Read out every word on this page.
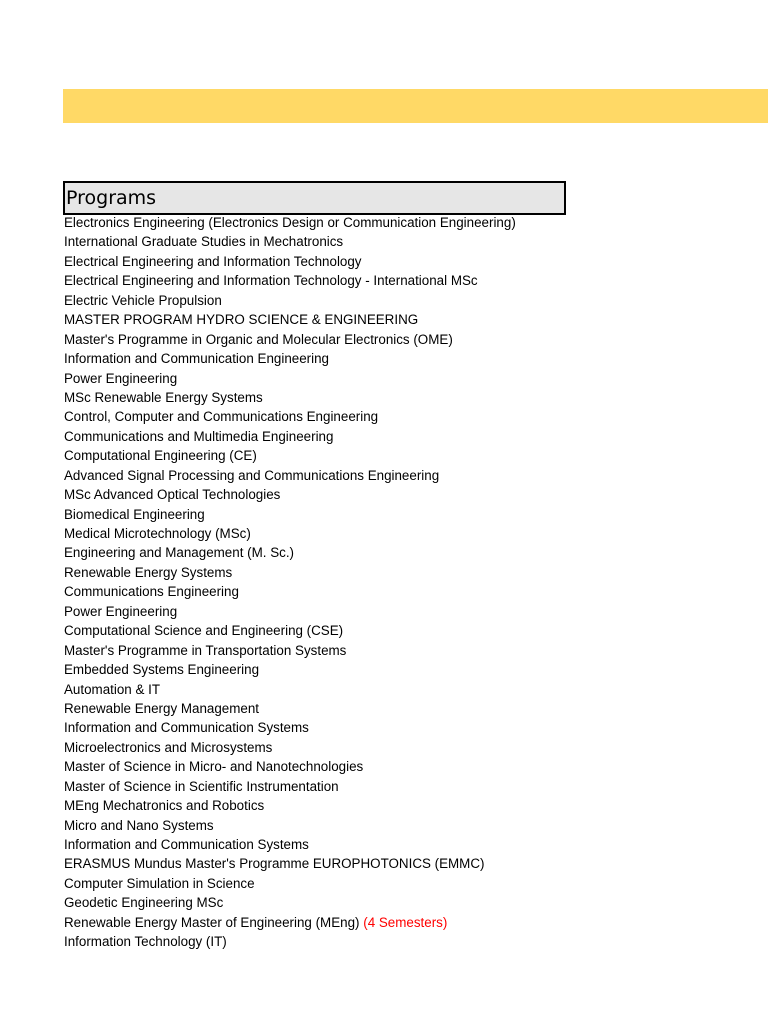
Programs
Electronics Engineering (Electronics Design or Communication Engineering)
International Graduate Studies in Mechatronics
Electrical Engineering and Information Technology
Electrical Engineering and Information Technology - International MSc
Electric Vehicle Propulsion
MASTER PROGRAM HYDRO SCIENCE & ENGINEERING
Master's Programme in Organic and Molecular Electronics (OME)
Information and Communication Engineering
Power Engineering
MSc Renewable Energy Systems
Control, Computer and Communications Engineering
Communications and Multimedia Engineering
Computational Engineering (CE)
Advanced Signal Processing and Communications Engineering
MSc Advanced Optical Technologies
Biomedical Engineering
Medical Microtechnology (MSc)
Engineering and Management (M. Sc.)
Renewable Energy Systems
Communications Engineering
Power Engineering
Computational Science and Engineering (CSE)
Master's Programme in Transportation Systems
Embedded Systems Engineering
Automation & IT
Renewable Energy Management
Information and Communication Systems
Microelectronics and Microsystems
Master of Science in Micro- and Nanotechnologies
Master of Science in Scientific Instrumentation
MEng Mechatronics and Robotics
Micro and Nano Systems
Information and Communication Systems
ERASMUS Mundus Master's Programme EUROPHOTONICS (EMMC)
Computer Simulation in Science
Geodetic Engineering MSc
Renewable Energy Master of Engineering (MEng) (4 Semesters)
Information Technology (IT)
